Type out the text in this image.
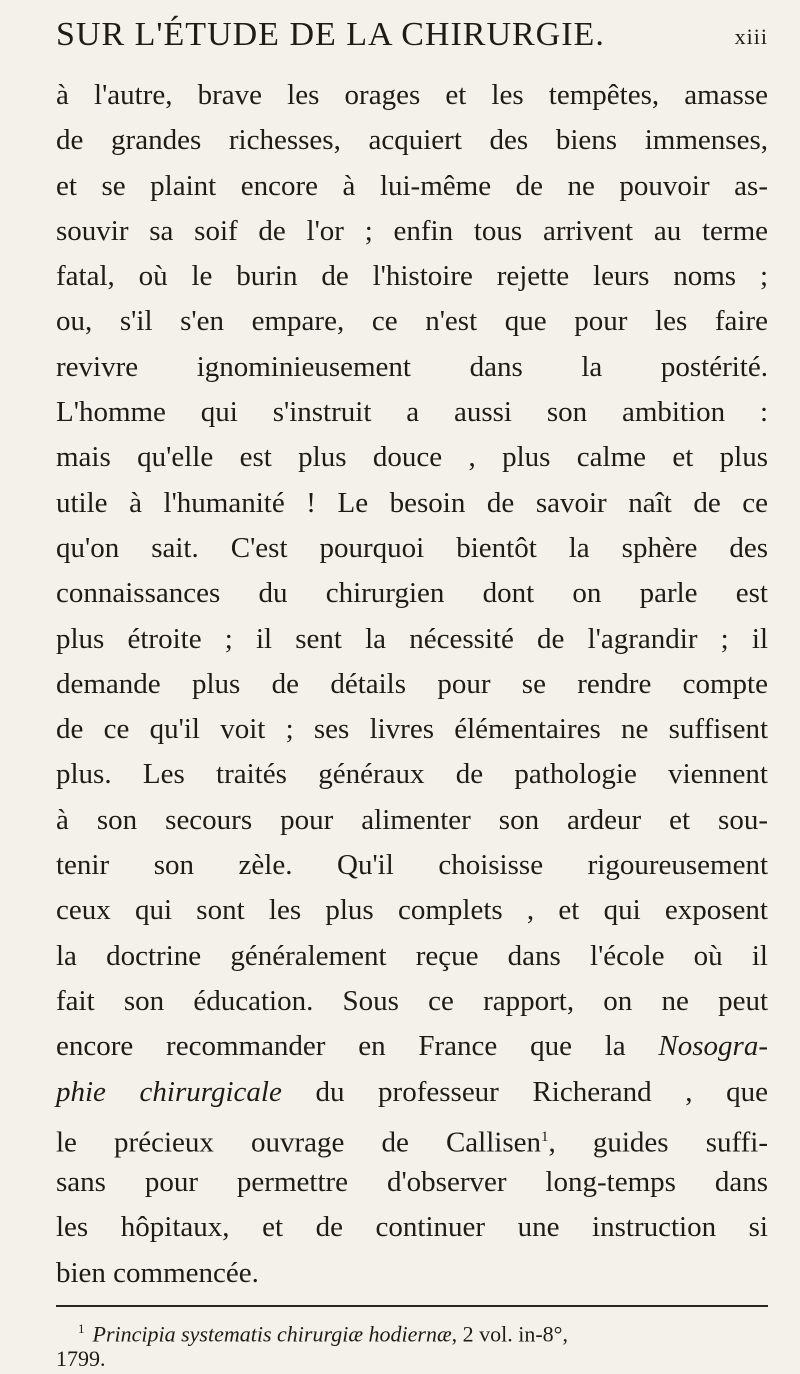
SUR L'ÉTUDE DE LA CHIRURGIE.	xiii
à l'autre, brave les orages et les tempêtes, amasse
de grandes richesses, acquiert des biens immenses,
et se plaint encore à lui-même de ne pouvoir as-
souvir sa soif de l'or ; enfin tous arrivent au terme
fatal, où le burin de l'histoire rejette leurs noms ;
ou, s'il s'en empare, ce n'est que pour les faire
revivre ignominieusement dans la postérité.
L'homme qui s'instruit a aussi son ambition :
mais qu'elle est plus douce , plus calme et plus
utile à l'humanité ! Le besoin de savoir naît de ce
qu'on sait. C'est pourquoi bientôt la sphère des
connaissances du chirurgien dont on parle est
plus étroite ; il sent la nécessité de l'agrandir ; il
demande plus de détails pour se rendre compte
de ce qu'il voit ; ses livres élémentaires ne suffisent
plus. Les traités généraux de pathologie viennent
à son secours pour alimenter son ardeur et sou-
tenir son zèle. Qu'il choisisse rigoureusement
ceux qui sont les plus complets , et qui exposent
la doctrine généralement reçue dans l'école où il
fait son éducation. Sous ce rapport, on ne peut
encore recommander en France que la Nosogra-
phie chirurgicale du professeur Richerand , que
le précieux ouvrage de Callisen$^1$, guides suffi-
sans pour permettre d'observer long-temps dans
les hôpitaux, et de continuer une instruction si
bien commencée.
$^1$ Principia systematis chirurgiæ hodiernæ, 2 vol. in-8°,
1799.
